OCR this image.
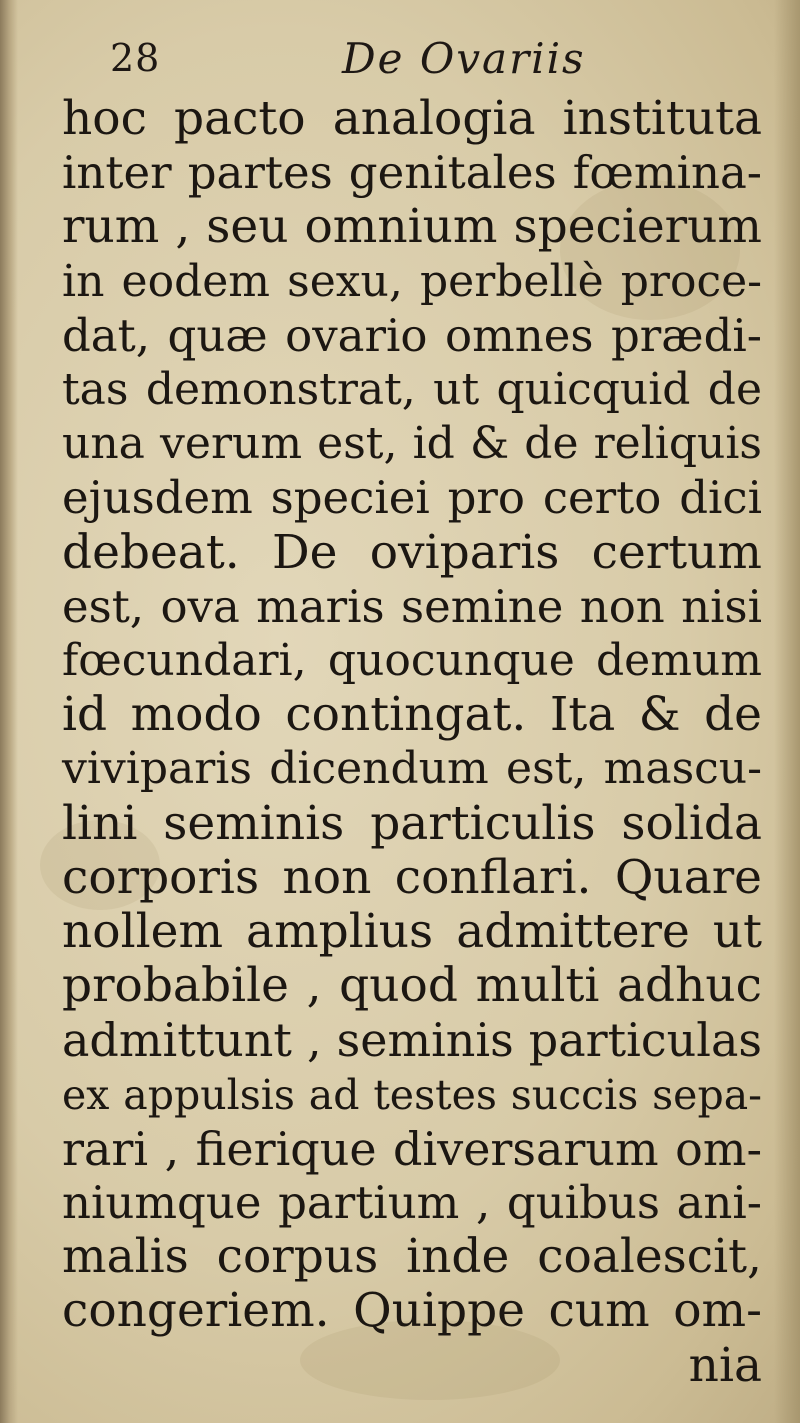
28	De Ovariis
hoc pacto analogia instituta
inter partes genitales fœmina-
rum , seu omnium specierum
in eodem sexu, perbellè proce-
dat, quæ ovario omnes prædi-
tas demonstrat, ut quicquid de
una verum est, id & de reliquis
ejusdem speciei pro certo dici
debeat. De oviparis certum
est, ova maris semine non nisi
fœcundari, quocunque demum
id modo contingat. Ita & de
viviparis dicendum est, mascu-
lini seminis particulis solida
corporis non conflari. Quare
nollem amplius admittere ut
probabile , quod multi adhuc
admittunt , seminis particulas
ex appulsis ad testes succis sepa-
rari , fierique diversarum om-
niumque partium , quibus ani-
malis corpus inde coalescit,
congeriem. Quippe cum om-
nia
